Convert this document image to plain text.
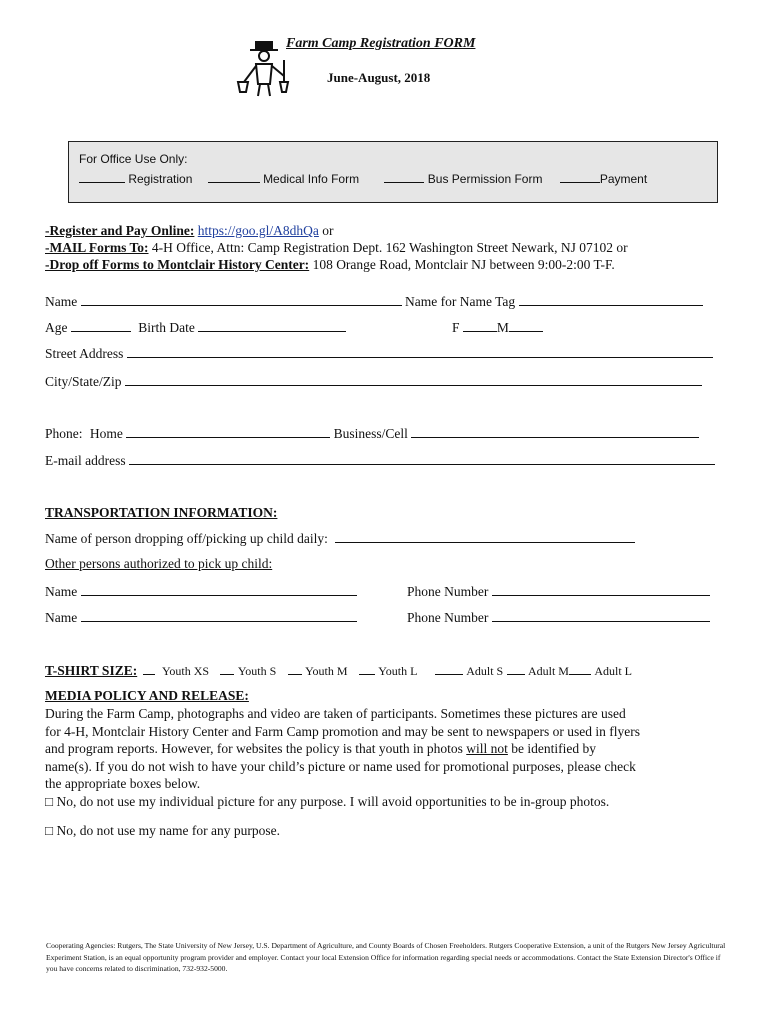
Farm Camp Registration FORM
June-August, 2018
For Office Use Only:
Registration	Medical Info Form	Bus Permission Form	Payment
-Register and Pay Online: https://goo.gl/A8dhQa or
-MAIL Forms To: 4-H Office, Attn: Camp Registration Dept. 162 Washington Street Newark, NJ 07102 or
-Drop off Forms to Montclair History Center: 108 Orange Road, Montclair NJ between 9:00-2:00 T-F.
Name	Name for Name Tag
Age	Birth Date	F	M
Street Address
City/State/Zip
Phone: Home	Business/Cell
E-mail address
TRANSPORTATION INFORMATION:
Name of person dropping off/picking up child daily:
Other persons authorized to pick up child:
Name	Phone Number
Name	Phone Number
T-SHIRT SIZE: Youth XS Youth S Youth M	Youth L	Adult S Adult M Adult L
MEDIA POLICY AND RELEASE:
During the Farm Camp, photographs and video are taken of participants. Sometimes these pictures are used
for 4-H, Montclair History Center and Farm Camp promotion and may be sent to newspapers or used in flyers
and program reports. However, for websites the policy is that youth in photos will not be identified by
name(s). If you do not wish to have your child’s picture or name used for promotional purposes, please check
the appropriate boxes below.
□ No, do not use my individual picture for any purpose. I will avoid opportunities to be in-group photos.
□ No, do not use my name for any purpose.
Cooperating Agencies: Rutgers, The State University of New Jersey, U.S. Department of Agriculture, and County Boards of Chosen Freeholders. Rutgers Cooperative Extension, a unit of the Rutgers New Jersey Agricultural Experiment Station, is an equal opportunity program provider and employer. Contact your local Extension Office for information regarding special needs or accommodations. Contact the State Extension Director's Office if you have concerns related to discrimination, 732-932-5000.
